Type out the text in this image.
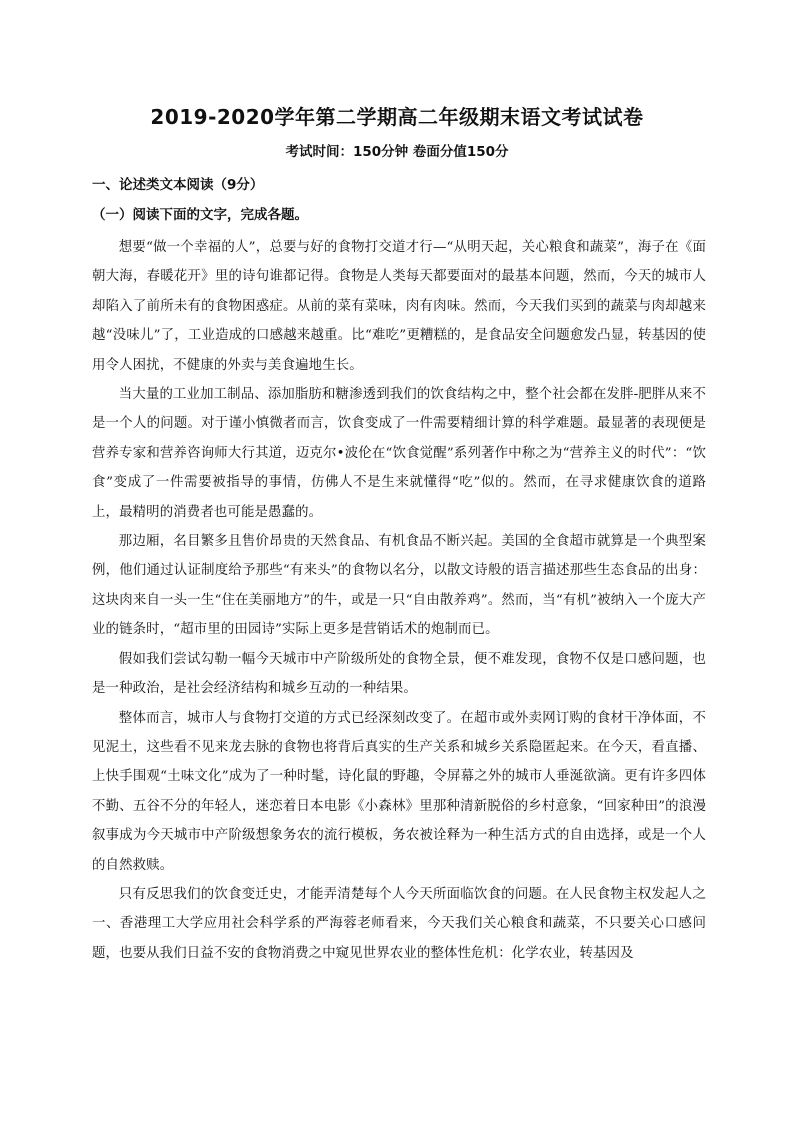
2019-2020学年第二学期高二年级期末语文考试试卷
考试时间：150分钟 卷面分值150分
一、论述类文本阅读（9分）
（一）阅读下面的文字，完成各题。

想要“做一个幸福的人”，总要与好的食物打交道才行—“从明天起，关心粮食和蔬菜”，海子在《面朝大海，春暖花开》里的诗句谁都记得。食物是人类每天都要面对的最基本问题，然而，今天的城市人却陷入了前所未有的食物困惑症。从前的菜有菜味，肉有肉味。然而，今天我们买到的蔬菜与肉却越来越“没味儿”了，工业造成的口感越来越重。比“难吃”更糟糕的，是食品安全问题愈发凸显，转基因的使用令人困扰，不健康的外卖与美食遍地生长。

当大量的工业加工制品、添加脂肪和糖渗透到我们的饮食结构之中，整个社会都在发胖-肥胖从来不是一个人的问题。对于谨小慎微者而言，饮食变成了一件需要精细计算的科学难题。最显著的表现便是营养专家和营养咨询师大行其道，迈克尔•波伦在“饮食觉醒”系列著作中称之为“营养主义的时代”：“饮食”变成了一件需要被指导的事情，仿佛人不是生来就懂得“吃”似的。然而，在寻求健康饮食的道路上，最精明的消费者也可能是愚蠢的。

那边厢，名目繁多且售价昂贵的天然食品、有机食品不断兴起。美国的全食超市就算是一个典型案例，他们通过认证制度给予那些“有来头”的食物以名分，以散文诗般的语言描述那些生态食品的出身：这块肉来自一头一生“住在美丽地方”的牛，或是一只“自由散养鸡”。然而，当“有机”被纳入一个庞大产业的链条时，“超市里的田园诗”实际上更多是营销话术的炮制而已。

假如我们尝试勾勒一幅今天城市中产阶级所处的食物全景，便不难发现，食物不仅是口感问题，也是一种政治，是社会经济结构和城乡互动的一种结果。

整体而言，城市人与食物打交道的方式已经深刻改变了。在超市或外卖网订购的食材干净体面，不见泥土，这些看不见来龙去脉的食物也将背后真实的生产关系和城乡关系隐匿起来。在今天，看直播、上快手围观“土味文化”成为了一种时髦，诗化鼠的野趣，令屏幕之外的城市人垂涎欲滴。更有许多四体不勤、五谷不分的年轻人，迷恋着日本电影《小森林》里那种清新脱俗的乡村意象，“回家种田”的浪漫叙事成为今天城市中产阶级想象务农的流行模板，务农被诠释为一种生活方式的自由选择，或是一个人的自然救赎。

只有反思我们的饮食变迁史，才能弄清楚每个人今天所面临饮食的问题。在人民食物主权发起人之一、香港理工大学应用社会科学系的严海蓉老师看来，今天我们关心粮食和蔬菜，不只要关心口感问题，也要从我们日益不安的食物消费之中窥见世界农业的整体性危机：化学农业，转基因及
